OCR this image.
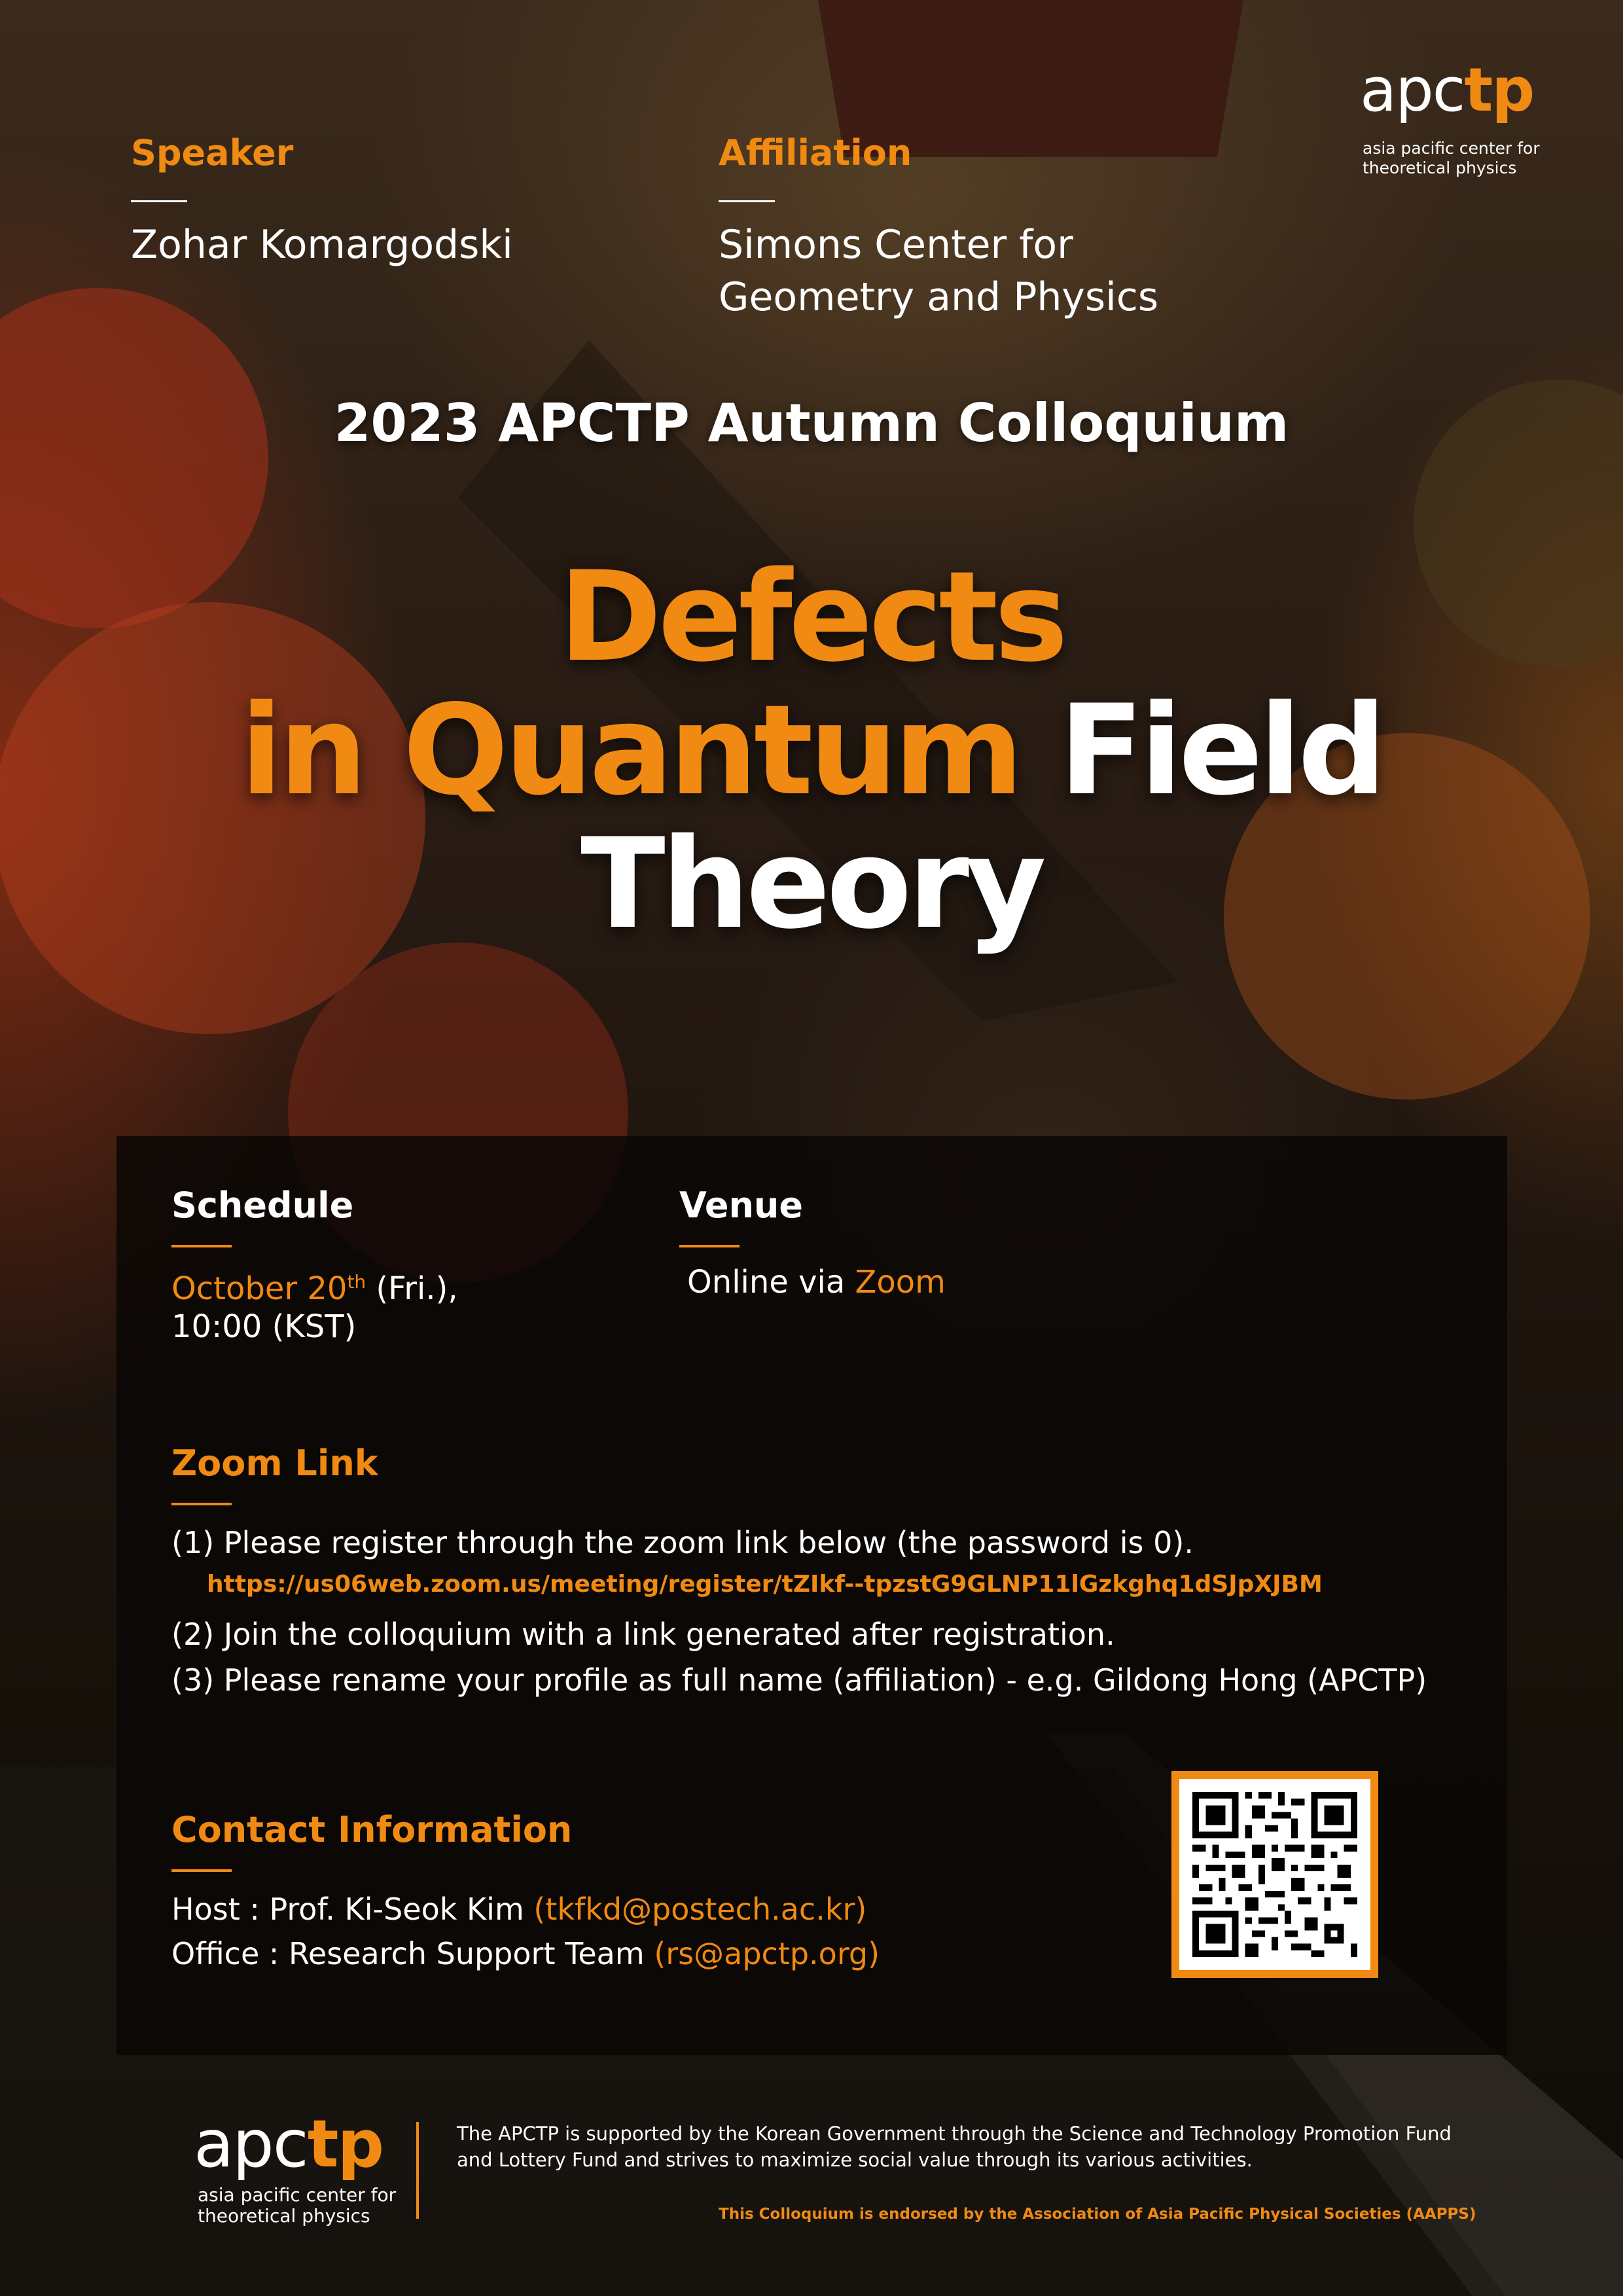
apctp
asia pacific center for
theoretical physics
Speaker
Zohar Komargodski
Affiliation
Simons Center for
Geometry and Physics
2023 APCTP Autumn Colloquium
Defects
in Quantum Field
Theory
Schedule
October 20th (Fri.),
10:00 (KST)
Venue
Online via Zoom
Zoom Link
(1) Please register through the zoom link below (the password is 0).
https://us06web.zoom.us/meeting/register/tZIkf--tpzstG9GLNP11lGzkghq1dSJpXJBM
(2) Join the colloquium with a link generated after registration.
(3) Please rename your profile as full name (affiliation) - e.g. Gildong Hong (APCTP)
Contact Information
Host : Prof. Ki-Seok Kim (tkfkd@postech.ac.kr)
Office : Research Support Team (rs@apctp.org)
apctp
asia pacific center for
theoretical physics
The APCTP is supported by the Korean Government through the Science and Technology Promotion Fund
and Lottery Fund and strives to maximize social value through its various activities.
This Colloquium is endorsed by the Association of Asia Pacific Physical Societies (AAPPS)
